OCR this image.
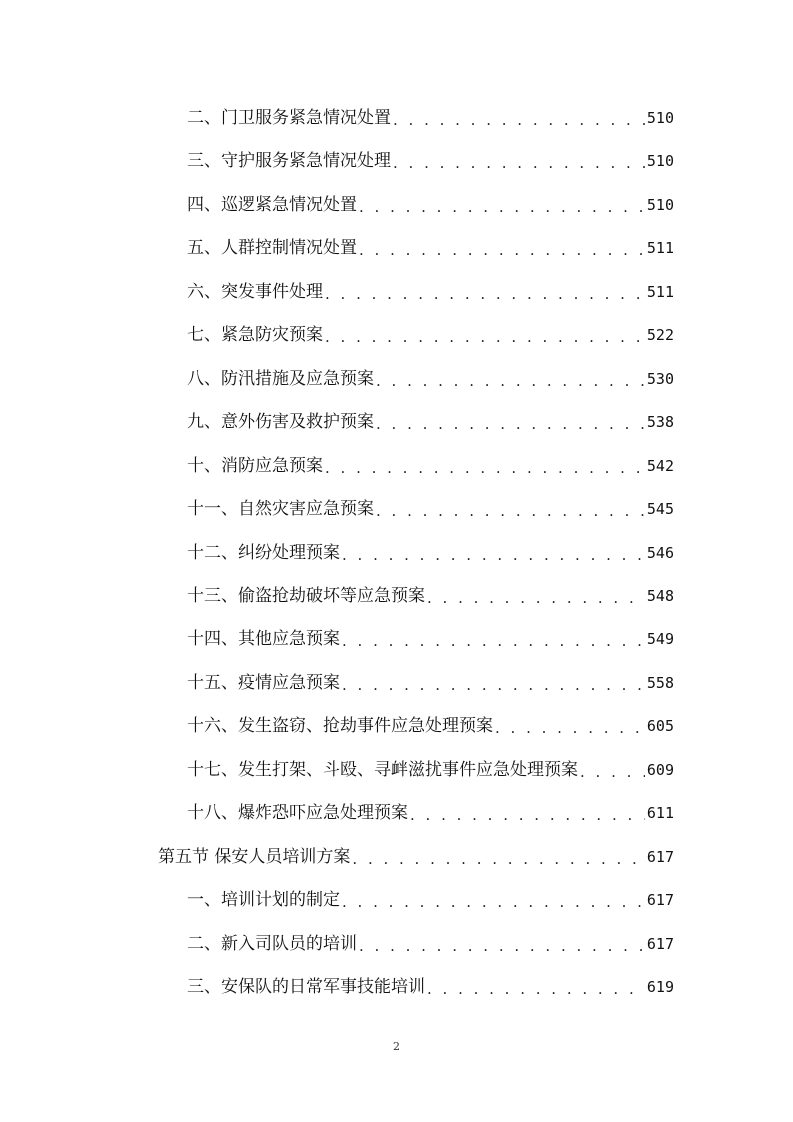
二、门卫服务紧急情况处置 . . .	510
三、守护服务紧急情况处理 . . .	510
四、巡逻紧急情况处置 . . .	510
五、人群控制情况处置 . . .	511
六、突发事件处理 . . .	511
七、紧急防灾预案 . . .	522
八、防汛措施及应急预案 . . .	530
九、意外伤害及救护预案 . . .	538
十、消防应急预案 . . .	542
十一、自然灾害应急预案 . . .	545
十二、纠纷处理预案 . . .	546
十三、偷盗抢劫破坏等应急预案 . . .	548
十四、其他应急预案 . . .	549
十五、疫情应急预案 . . .	558
十六、发生盗窃、抢劫事件应急处理预案 . . .	605
十七、发生打架、斗殴、寻衅滋扰事件应急处理预案 . . .	609
十八、爆炸恐吓应急处理预案 . . .	611
第五节 保安人员培训方案 . . .	617
一、培训计划的制定 . . .	617
二、新入司队员的培训 . . .	617
三、安保队的日常军事技能培训 . . .	619
2
